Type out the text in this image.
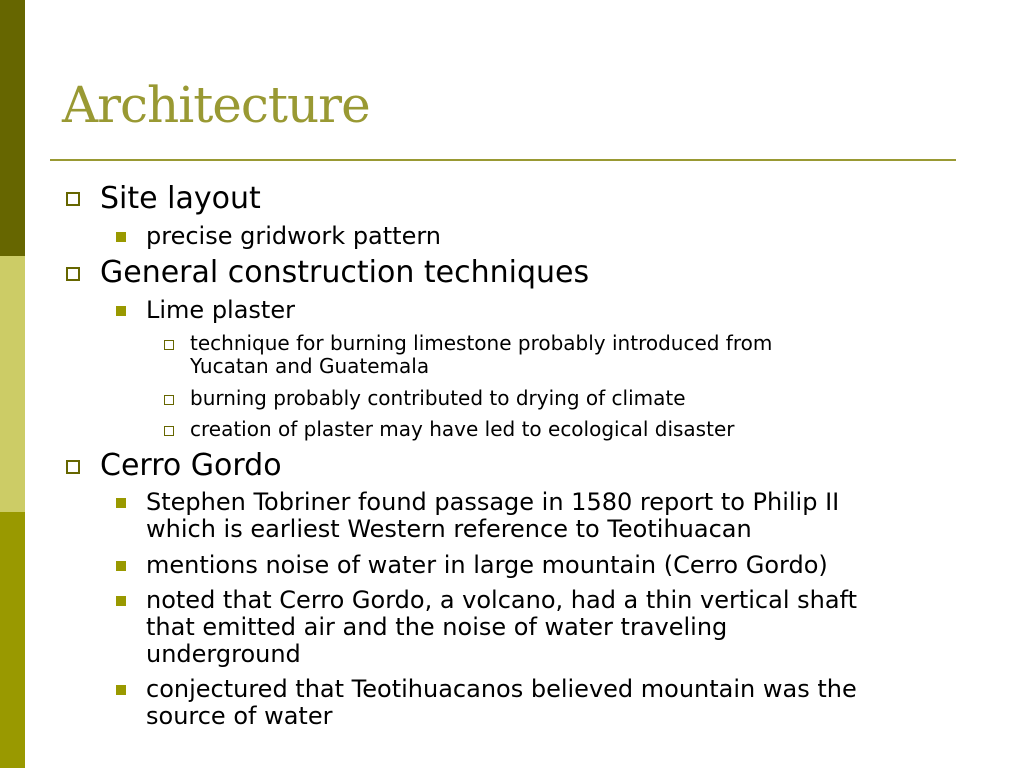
Architecture
Site layout
precise gridwork pattern
General construction techniques
Lime plaster
technique for burning limestone probably introduced from
Yucatan and Guatemala
burning probably contributed to drying of climate
creation of plaster may have led to ecological disaster
Cerro Gordo
Stephen Tobriner found passage in 1580 report to Philip II
which is earliest Western reference to Teotihuacan
mentions noise of water in large mountain (Cerro Gordo)
noted that Cerro Gordo, a volcano, had a thin vertical shaft
that emitted air and the noise of water traveling
underground
conjectured that Teotihuacanos believed mountain was the
source of water
